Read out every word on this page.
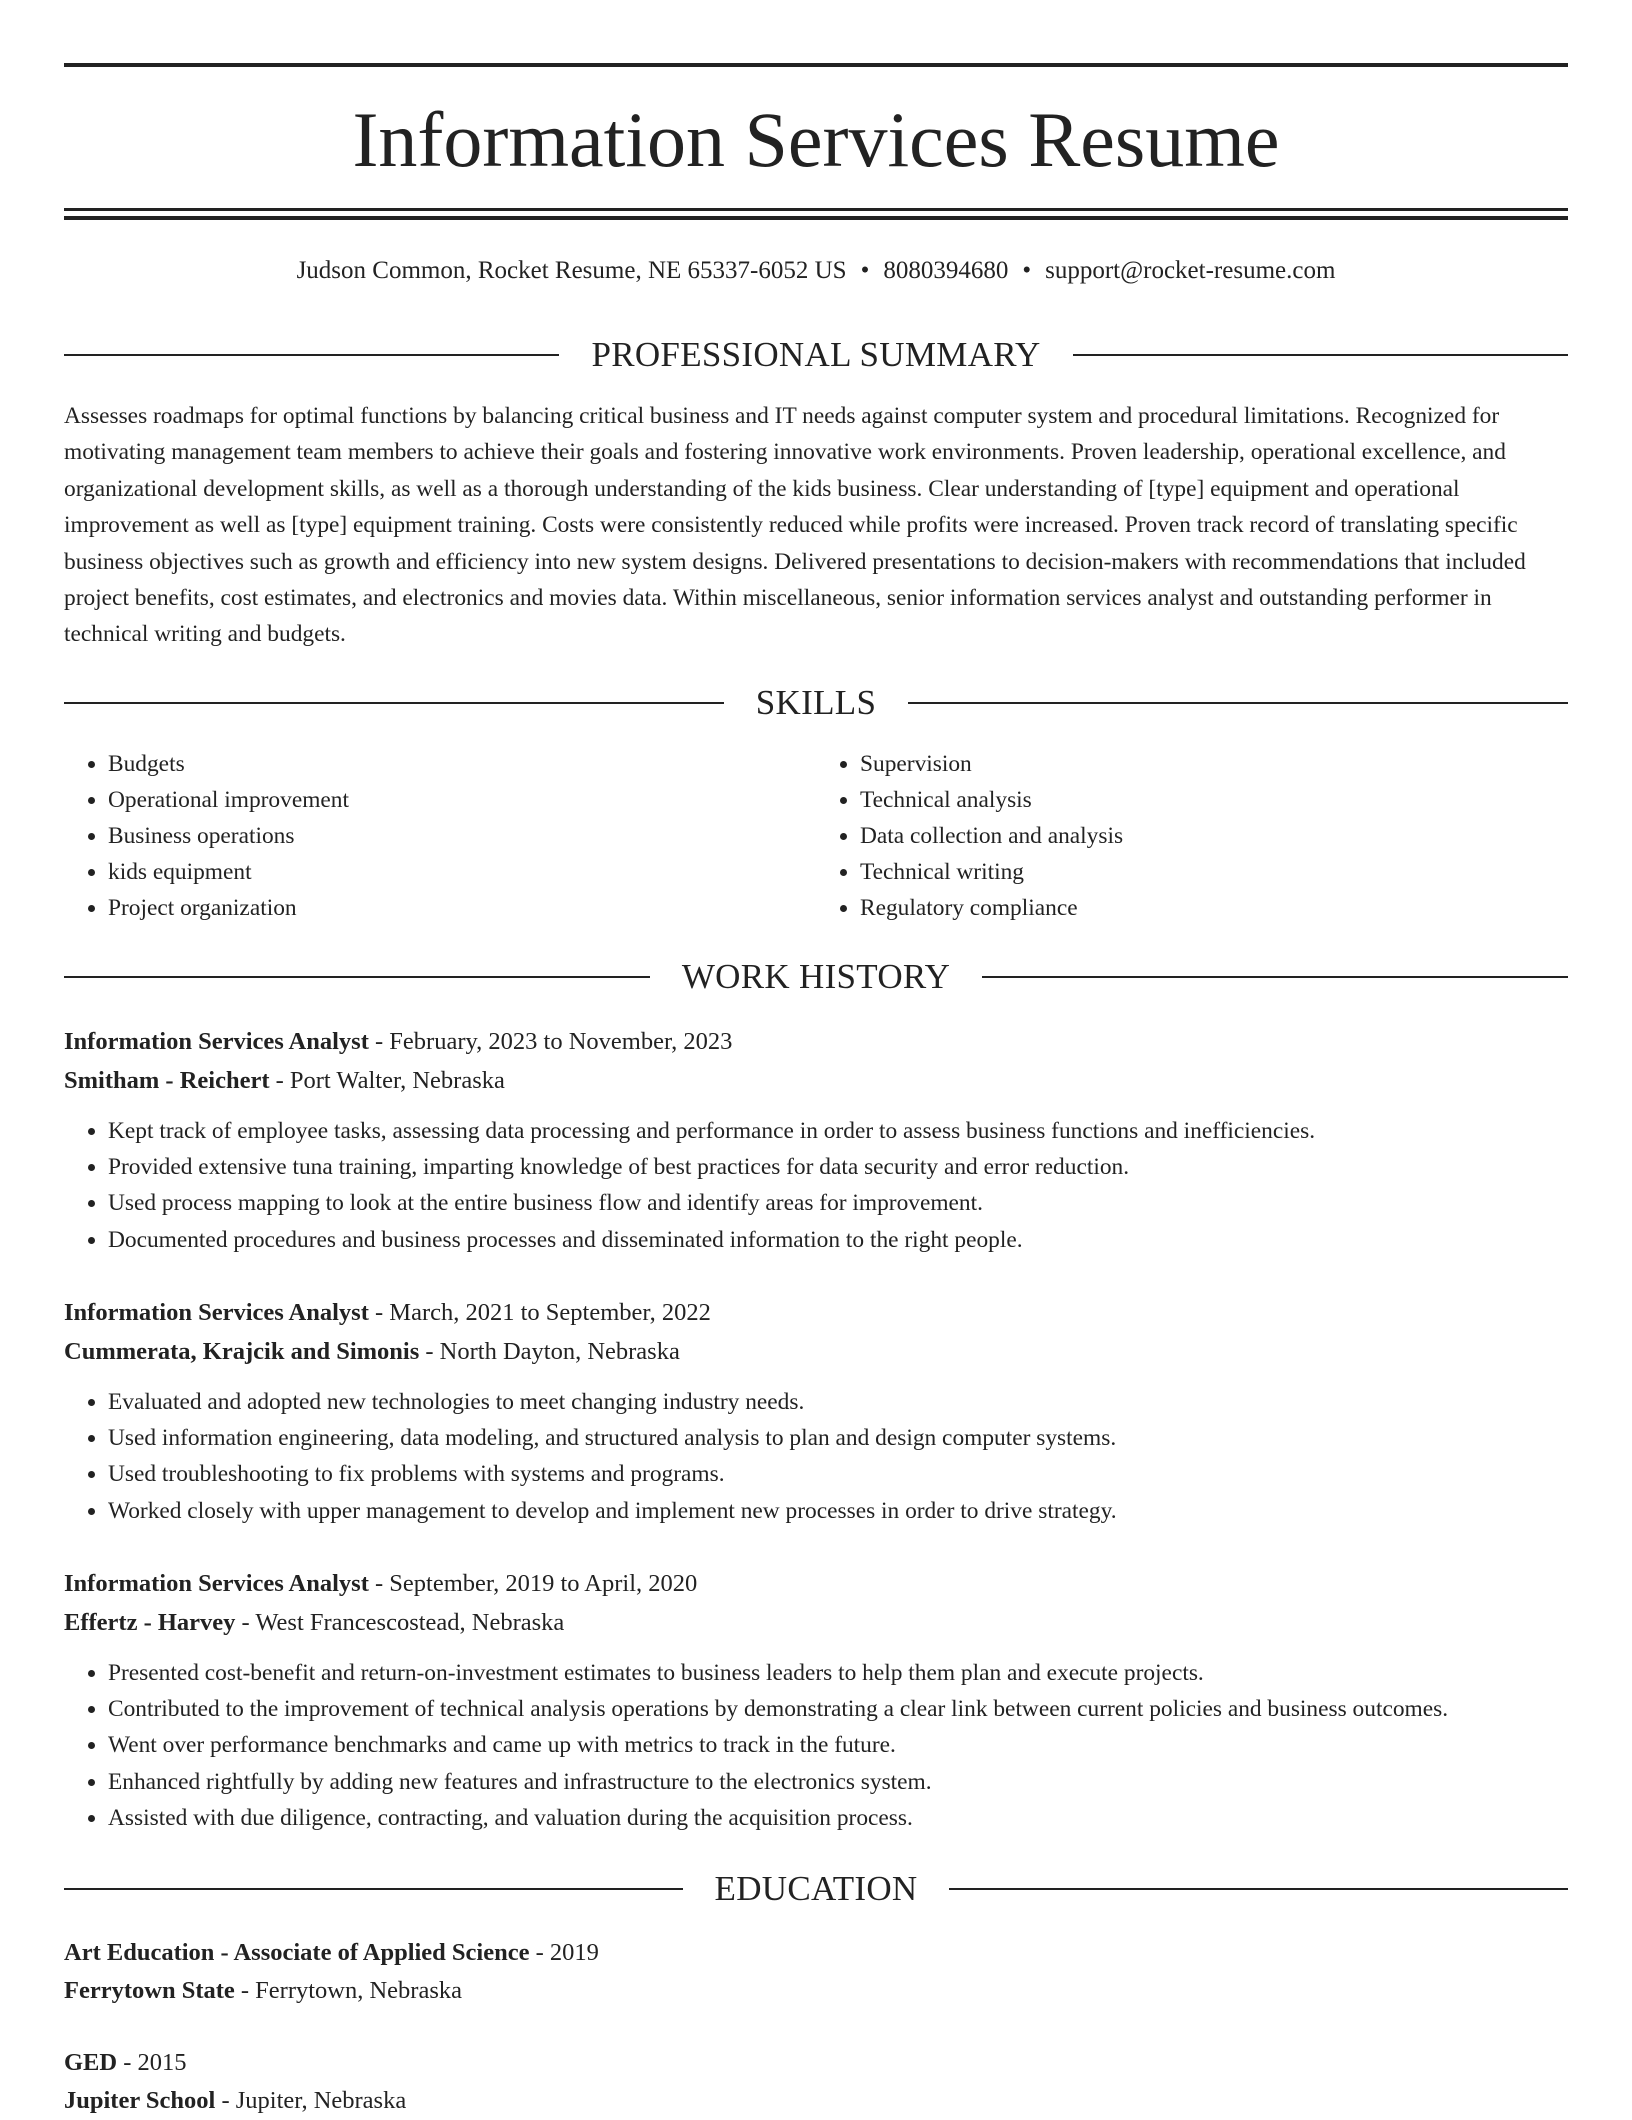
Information Services Resume
Judson Common, Rocket Resume, NE 65337-6052 US • 8080394680 • support@rocket-resume.com
PROFESSIONAL SUMMARY

Assesses roadmaps for optimal functions by balancing critical business and IT needs against computer system and procedural limitations. Recognized for motivating management team members to achieve their goals and fostering innovative work environments. Proven leadership, operational excellence, and organizational development skills, as well as a thorough understanding of the kids business. Clear understanding of [type] equipment and operational improvement as well as [type] equipment training. Costs were consistently reduced while profits were increased. Proven track record of translating specific business objectives such as growth and efficiency into new system designs. Delivered presentations to decision-makers with recommendations that included project benefits, cost estimates, and electronics and movies data. Within miscellaneous, senior information services analyst and outstanding performer in technical writing and budgets.

SKILLS
• Budgets
• Operational improvement
• Business operations
• kids equipment
• Project organization
• Supervision
• Technical analysis
• Data collection and analysis
• Technical writing
• Regulatory compliance
WORK HISTORY
Information Services Analyst - February, 2023 to November, 2023
Smitham - Reichert - Port Walter, Nebraska
• Kept track of employee tasks, assessing data processing and performance in order to assess business functions and inefficiencies.
• Provided extensive tuna training, imparting knowledge of best practices for data security and error reduction.
• Used process mapping to look at the entire business flow and identify areas for improvement.
• Documented procedures and business processes and disseminated information to the right people.
Information Services Analyst - March, 2021 to September, 2022
Cummerata, Krajcik and Simonis - North Dayton, Nebraska
• Evaluated and adopted new technologies to meet changing industry needs.
• Used information engineering, data modeling, and structured analysis to plan and design computer systems.
• Used troubleshooting to fix problems with systems and programs.
• Worked closely with upper management to develop and implement new processes in order to drive strategy.
Information Services Analyst - September, 2019 to April, 2020
Effertz - Harvey - West Francescostead, Nebraska
• Presented cost-benefit and return-on-investment estimates to business leaders to help them plan and execute projects.
• Contributed to the improvement of technical analysis operations by demonstrating a clear link between current policies and business outcomes.
• Went over performance benchmarks and came up with metrics to track in the future.
• Enhanced rightfully by adding new features and infrastructure to the electronics system.
• Assisted with due diligence, contracting, and valuation during the acquisition process.
EDUCATION
Art Education - Associate of Applied Science - 2019
Ferrytown State - Ferrytown, Nebraska
GED - 2015
Jupiter School - Jupiter, Nebraska
